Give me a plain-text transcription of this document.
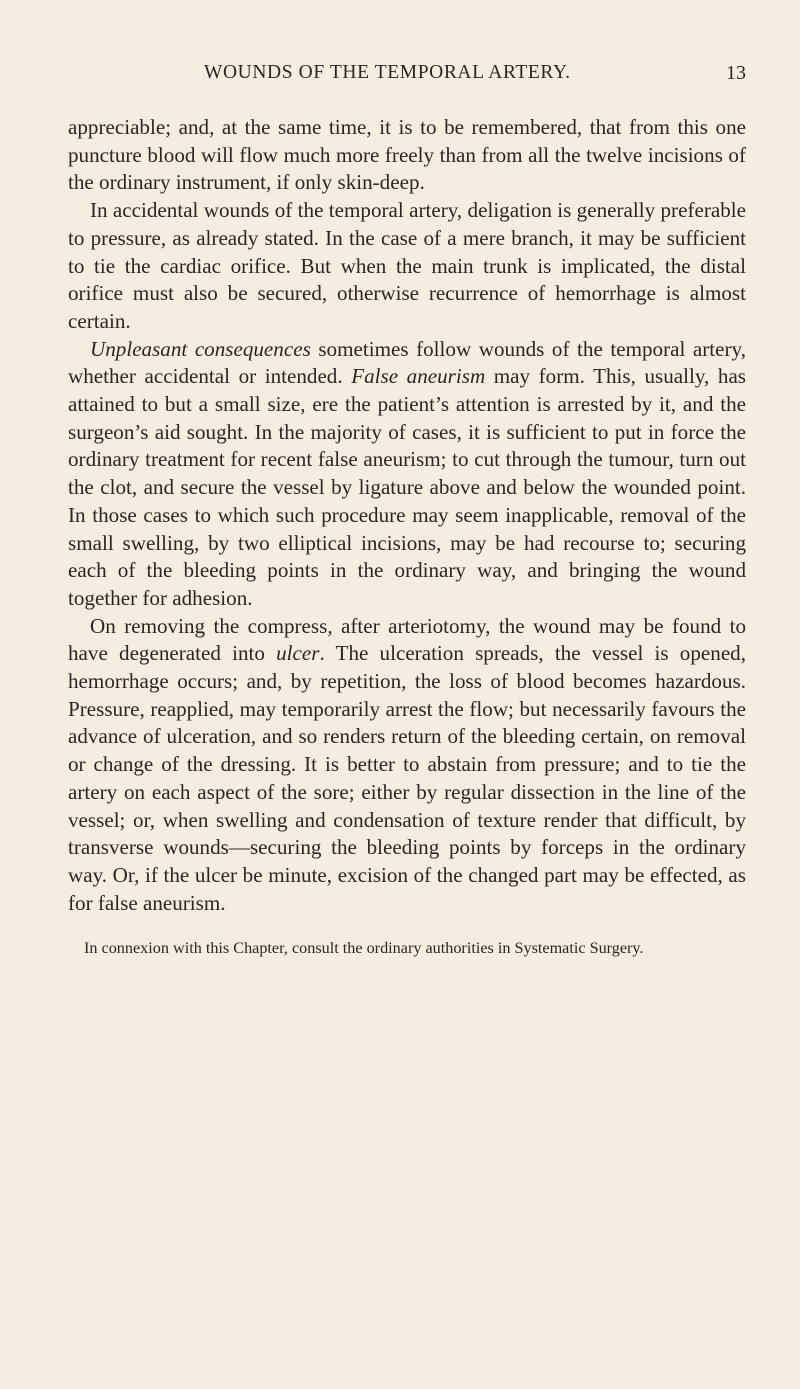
WOUNDS OF THE TEMPORAL ARTERY.	13

appreciable; and, at the same time, it is to be remembered, that from this one puncture blood will flow much more freely than from all the twelve incisions of the ordinary instrument, if only skin-deep.

In accidental wounds of the temporal artery, deligation is generally preferable to pressure, as already stated. In the case of a mere branch, it may be sufficient to tie the cardiac orifice. But when the main trunk is implicated, the distal orifice must also be secured, otherwise recurrence of hemorrhage is almost certain.

Unpleasant consequences sometimes follow wounds of the temporal artery, whether accidental or intended. False aneurism may form. This, usually, has attained to but a small size, ere the patient’s attention is arrested by it, and the surgeon’s aid sought. In the majority of cases, it is sufficient to put in force the ordinary treatment for recent false aneurism; to cut through the tumour, turn out the clot, and secure the vessel by ligature above and below the wounded point. In those cases to which such procedure may seem inapplicable, removal of the small swelling, by two elliptical incisions, may be had recourse to; securing each of the bleeding points in the ordinary way, and bringing the wound together for adhesion.

On removing the compress, after arteriotomy, the wound may be found to have degenerated into ulcer. The ulceration spreads, the vessel is opened, hemorrhage occurs; and, by repetition, the loss of blood becomes hazardous. Pressure, reapplied, may temporarily arrest the flow; but necessarily favours the advance of ulceration, and so renders return of the bleeding certain, on removal or change of the dressing. It is better to abstain from pressure; and to tie the artery on each aspect of the sore; either by regular dissection in the line of the vessel; or, when swelling and condensation of texture render that difficult, by transverse wounds—securing the bleeding points by forceps in the ordinary way. Or, if the ulcer be minute, excision of the changed part may be effected, as for false aneurism.

In connexion with this Chapter, consult the ordinary authorities in Systematic Surgery.
